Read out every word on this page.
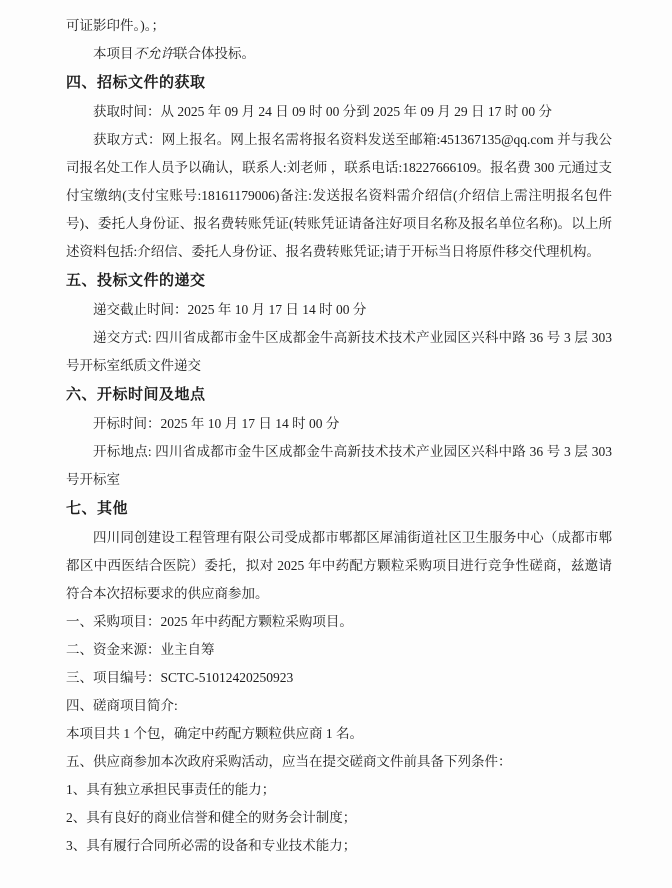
可证影印件。)。；

本项目不允许联合体投标。

四、招标文件的获取

获取时间：从 2025 年 09 月 24 日 09 时 00 分到 2025 年 09 月 29 日 17 时 00 分

获取方式：网上报名。网上报名需将报名资料发送至邮箱:451367135@qq.com 并与我公司报名处工作人员予以确认，联系人:刘老师 ，联系电话:18227666109。报名费 300 元通过支付宝缴纳(支付宝账号:18161179006)备注:发送报名资料需介绍信(介绍信上需注明报名包件号)、委托人身份证、报名费转账凭证(转账凭证请备注好项目名称及报名单位名称)。以上所述资料包括:介绍信、委托人身份证、报名费转账凭证;请于开标当日将原件移交代理机构。

五、投标文件的递交

递交截止时间：2025 年 10 月 17 日 14 时 00 分

递交方式: 四川省成都市金牛区成都金牛高新技术技术产业园区兴科中路 36 号 3 层 303 号开标室纸质文件递交

六、开标时间及地点

开标时间：2025 年 10 月 17 日 14 时 00 分

开标地点: 四川省成都市金牛区成都金牛高新技术技术产业园区兴科中路 36 号 3 层 303 号开标室

七、其他

四川同创建设工程管理有限公司受成都市郫都区犀浦街道社区卫生服务中心（成都市郫都区中西医结合医院）委托，拟对 2025 年中药配方颗粒采购项目进行竞争性磋商，兹邀请符合本次招标要求的供应商参加。

一、采购项目：2025 年中药配方颗粒采购项目。

二、资金来源：业主自筹

三、项目编号：SCTC-51012420250923

四、磋商项目简介:

本项目共 1 个包，确定中药配方颗粒供应商 1 名。

五、供应商参加本次政府采购活动，应当在提交磋商文件前具备下列条件：

1、具有独立承担民事责任的能力；

2、具有良好的商业信誉和健全的财务会计制度；

3、具有履行合同所必需的设备和专业技术能力；
